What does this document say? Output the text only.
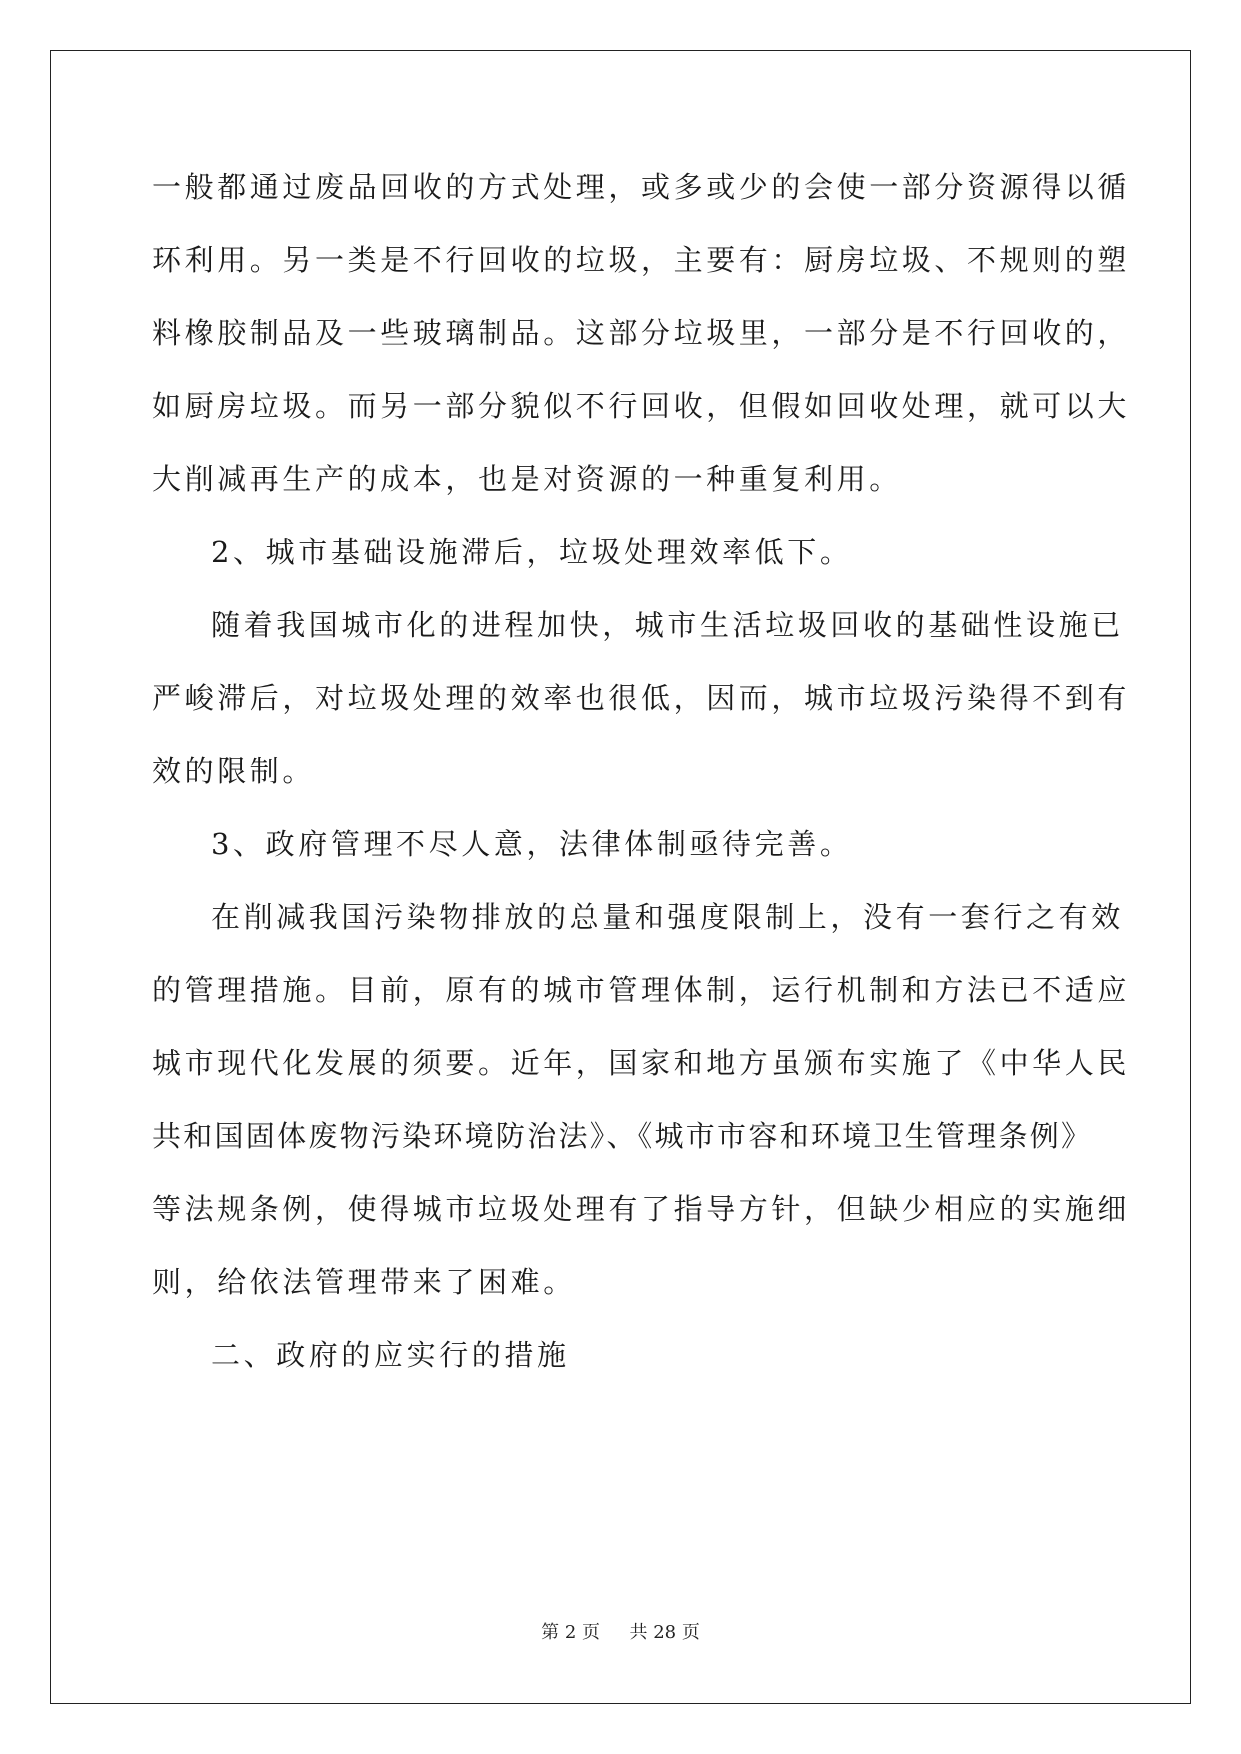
一般都通过废品回收的方式处理，或多或少的会使一部分资源得以循
环利用。另一类是不行回收的垃圾，主要有：厨房垃圾、不规则的塑
料橡胶制品及一些玻璃制品。这部分垃圾里，一部分是不行回收的，
如厨房垃圾。而另一部分貌似不行回收，但假如回收处理，就可以大
大削减再生产的成本，也是对资源的一种重复利用。
2、城市基础设施滞后，垃圾处理效率低下。
随着我国城市化的进程加快，城市生活垃圾回收的基础性设施已
严峻滞后，对垃圾处理的效率也很低，因而，城市垃圾污染得不到有
效的限制。
3、政府管理不尽人意，法律体制亟待完善。
在削减我国污染物排放的总量和强度限制上，没有一套行之有效
的管理措施。目前，原有的城市管理体制，运行机制和方法已不适应
城市现代化发展的须要。近年，国家和地方虽颁布实施了《中华人民
共和国固体废物污染环境防治法》、《城市市容和环境卫生管理条例》
等法规条例，使得城市垃圾处理有了指导方针，但缺少相应的实施细
则，给依法管理带来了困难。
二、政府的应实行的措施
第 2 页 共 28 页
